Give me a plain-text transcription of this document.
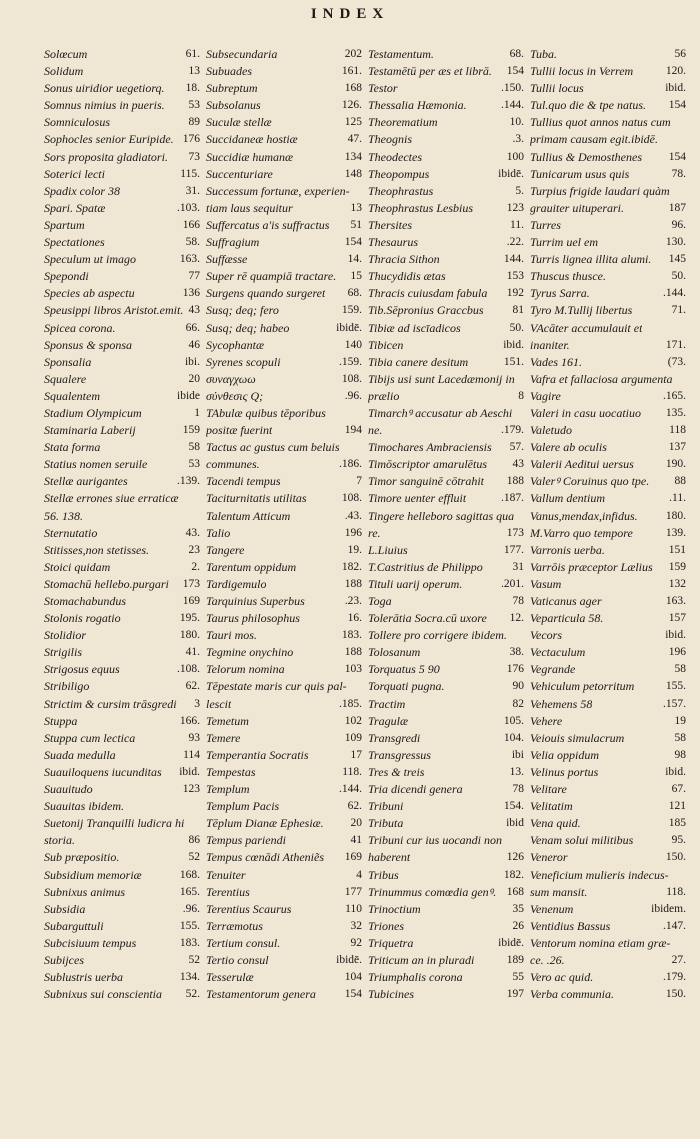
INDEX
Solœcum	61.
Solidum	13
Sonus uiridior uegetiorq. 18.
Somnus nimius in pueris. 53
Somniculosus	89
Sophocles senior Euripide. 176
Sors proposita gladiatori. 73
Soterici lecti	115.
Spadix color 38	31.
Spari. Spatæ	.103.
Spartum	166
Spectationes	58.
Speculum ut imago	163.
Spepondi	77
Species ab aspectu	136
Speusippi libros Aristot.emit. 43
Spicea corona.	66.
Sponsus & sponsa	46
Sponsalia	ibi.
Squalere	20
Squalentem	ibide
Stadium Olympicum	1
Staminaria Laberij	159
Stata forma	58
Statius nomen seruile	53
Stellæ aurigantes	.139.
Stellæ errones siue erraticæ
56. 138.
Sternutatio	43.
Stitisses,non stetisses.	23
Stoici quidam	2.
Stomachū hellebo.purgari 173
Stomachabundus	169
Stolonis rogatio	195.
Stolidior	180.
Strigilis	41.
Strigosus equus	.108.
Stribiligo	62.
Strictim & cursim trāsgredi 3
Stuppa	166.
Stuppa cum lectica	93
Suada medulla	114
Suauiloquens iucunditas ibid.
Suauitudo	123
Suauitas ibidem.
Suetonij Tranquilli ludicra hi
storia.	86
Sub præpositio.	52
Subsidium memoriæ	168.
Subnixus animus	165.
Subsidia	.96.
Subarguttuli	155.
Subcisiuum tempus	183.
Subijces	52
Sublustris uerba	134.
Subnixus sui conscientia 52.
Subsecundaria	202
Subuades	161.
Subreptum	168
Subsolanus	126.
Suculæ stellæ	125
Succidaneæ hostiæ	47.
Succidiæ humanæ	134
Succenturiare	148
Successum fortunæ, experien-
tiam laus sequitur	13
Suffercatus a'is suffractus 51
Suffragium	154
Suffæsse	14.
Super rē quampiā tractare. 15
Surgens quando surgeret 68.
Susq; deq; fero	159.
Susq; deq; habeo	ibidē.
Sycophantæ	140
Syrenes scopuli	.159.
συναγχωω	108.
σύνθεσις Q;	.96.
TAbulæ quibus tēporibus
positæ fuerint	194
Tactus ac gustus cum beluis
communes.	.186.
Tacendi tempus	7
Taciturnitatis utilitas	108.
Talentum Atticum	.43.
Talio	196
Tangere	19.
Tarentum oppidum	182.
Tardigemulo	188
Tarquinius Superbus	.23.
Taurus philosophus	16.
Tauri mos.	183.
Tegmine onychino	188
Telorum nomina	103
Tēpestate maris cur quis pal-
lescit	.185.
Temetum	102
Temere	109
Temperantia Socratis	17
Tempestas	118.
Templum	.144.
Templum Pacis	62.
Tēplum Dianæ Ephesiæ. 20
Tempus pariendi	41
Tempus cœnādi Atheniẽs 169
Tenuiter	4
Terentius	177
Terentius Scaurus	110
Terræmotus	32
Tertium consul.	92
Tertio consul	ibidē.
Tesserulæ	104
Testamentorum genera	154
Testamentum.	68.
Testamētū per æs et librā. 154
Testor	.150.
Thessalia Hæmonia.	.144.
Theorematium	10.
Theognis	.3.
Theodectes	100
Theopompus	ibidē.
Theophrastus	5.
Theophrastus Lesbius	123
Thersites	11.
Thesaurus	.22.
Thracia Sithon	144.
Thucydidis ætas	153
Thracis cuiusdam fabula 192
Tib.Sēpronius Graccbus	81
Tibiæ ad iscīadicos	50.
Tibicen	ibid.
Tibia canere desitum	151.
Tibijs usi sunt Lacedæmonij in
prælio	8
Timarchꝰ accusatur ab Aeschi
ne.	.179.
Timochares Ambraciensis 57.
Timōscriptor amarulētus 43
Timor sanguinē cōtrahit 188
Timore uenter effluit	.187.
Tingere helleboro sagittas qua
re.	173
L.Liuius	177.
T.Castritius de Philippo	31
Tituli uarij operum.	.201.
Toga	78
Tolerātia Socra.cū uxore 12.
Tollere pro corrigere ibidem.
Tolosanum	38.
Torquatus 5 90	176
Torquati pugna.	90
Tractim	82
Tragulæ	105.
Transgredi	104.
Transgressus	ibi
Tres & treis	13.
Tria dicendi genera	78
Tribuni	154.
Tributa	ibid
Tribuni cur ius uocandi non
haberent	126
Tribus	182.
Trinummus comœdia genꝰ. 168
Trinoctium	35
Triones	26
Triquetra	ibidē.
Triticum an in pluradi	189
Triumphalis corona	55
Tubicines	197
Tuba.	56
Tullii locus in Verrem	120.
Tullii locus	ibid.
Tul.quo die & tpe natus. 154
Tullius quot annos natus cum
primam causam egit.ibidē.
Tullius & Demosthenes 154
Tunicarum usus quis	78.
Turpius frigide laudari quàm
grauiter uituperari.	187
Turres	96.
Turrim uel em	130.
Turris lignea illita alumi. 145
Thuscus thusce.	50.
Tyrus Sarra.	.144.
Tyro M.Tullij libertus	71.
VAcāter accumulauit et
inaniter.	171.
Vades 161.	(73.
Vafra et fallaciosa argumenta
Vagire	.165.
Valeri in casu uocatiuo 135.
Valetudo	118
Valere ab oculis	137
Valerii Aeditui uersus	190.
Valerꝰ Coruinus quo tpe. 88
Vallum dentium	.11.
Vanus,mendax,infidus. 180.
M.Varro quo tempore	139.
Varronis uerba.	151
Varrōis præceptor Lælius 159
Vasum	132
Vaticanus ager	163.
Veparticula 58.	157
Vecors	ibid.
Vectaculum	196
Vegrande	58
Vehiculum petorritum	155.
Vehemens 58	.157.
Vehere	19
Veiouis simulacrum	58
Velia oppidum	98
Velinus portus	ibid.
Velitare	67.
Velitatim	121
Vena quid.	185
Venam solui militibus	95.
Veneror	150.
Veneficium mulieris indecus-
sum mansit.	118.
Venenum	ibidem.
Ventidius Bassus	.147.
Ventorum nomina etiam græ-
ce. .26.	27.
Vero ac quid.	.179.
Verba communia.	150.
